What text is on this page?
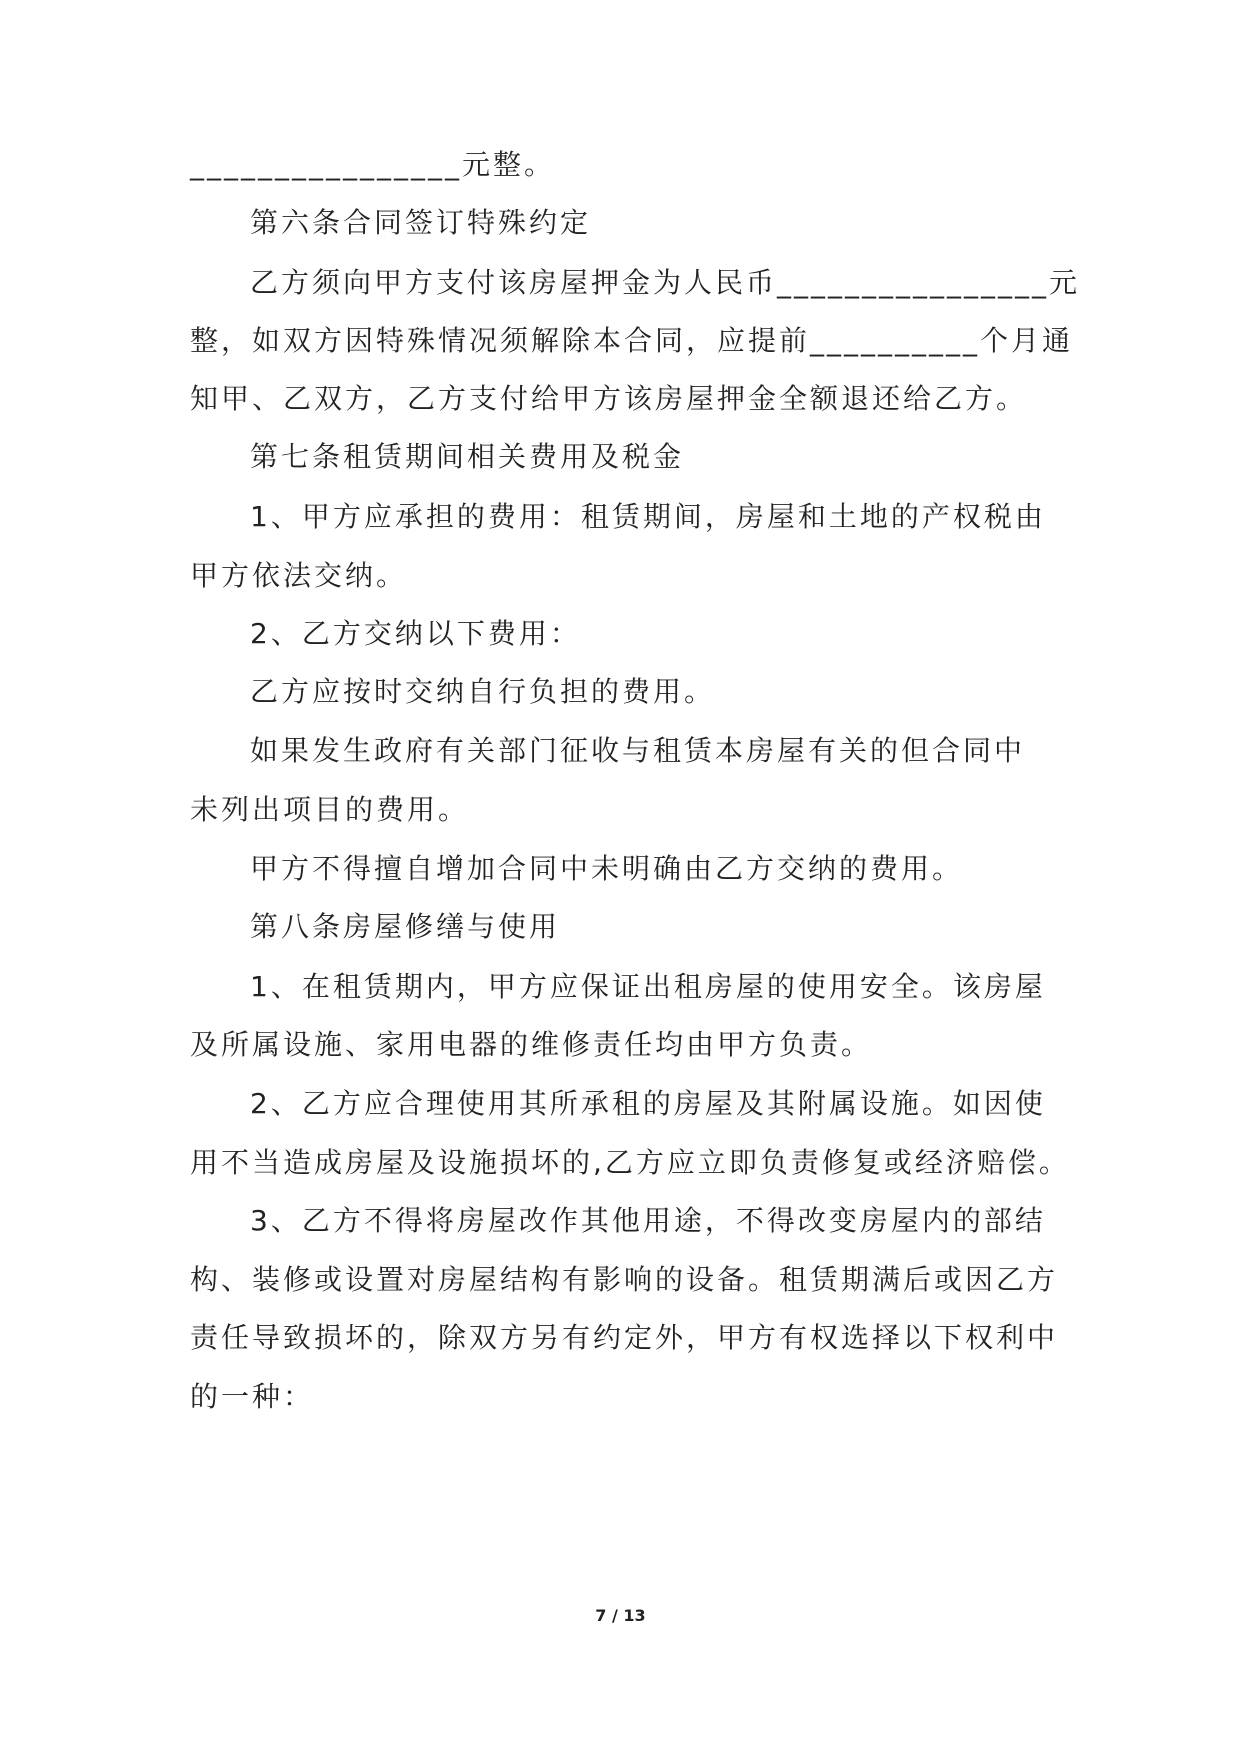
________________元整。
第六条合同签订特殊约定
乙方须向甲方支付该房屋押金为人民币________________元
整，如双方因特殊情况须解除本合同，应提前__________个月通
知甲、乙双方，乙方支付给甲方该房屋押金全额退还给乙方。
第七条租赁期间相关费用及税金
1、甲方应承担的费用：租赁期间，房屋和土地的产权税由
甲方依法交纳。
2、乙方交纳以下费用：
乙方应按时交纳自行负担的费用。
如果发生政府有关部门征收与租赁本房屋有关的但合同中
未列出项目的费用。
甲方不得擅自增加合同中未明确由乙方交纳的费用。
第八条房屋修缮与使用
1、在租赁期内，甲方应保证出租房屋的使用安全。该房屋
及所属设施、家用电器的维修责任均由甲方负责。
2、乙方应合理使用其所承租的房屋及其附属设施。如因使
用不当造成房屋及设施损坏的,乙方应立即负责修复或经济赔偿。
3、乙方不得将房屋改作其他用途，不得改变房屋内的部结
构、装修或设置对房屋结构有影响的设备。租赁期满后或因乙方
责任导致损坏的，除双方另有约定外，甲方有权选择以下权利中
的一种：
7 / 13
